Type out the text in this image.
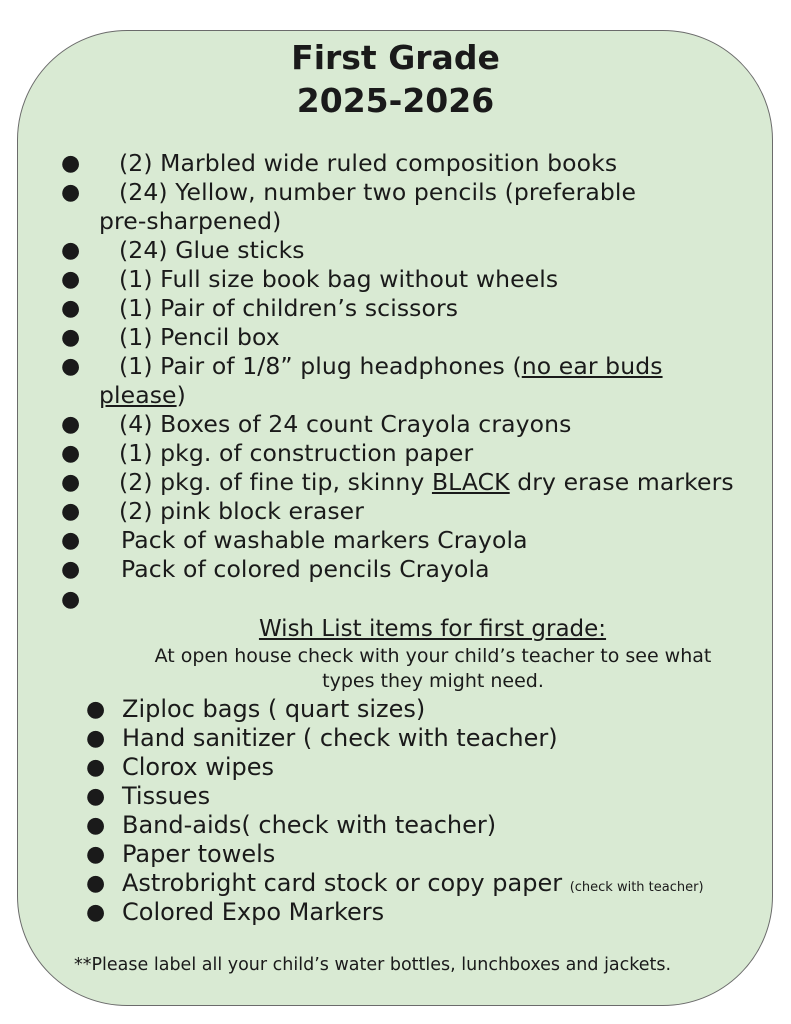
First Grade
2025-2026
● (2) Marbled wide ruled composition books
● (24) Yellow, number two pencils (preferable
pre-sharpened)
● (24) Glue sticks
● (1) Full size book bag without wheels
● (1) Pair of children’s scissors
● (1) Pencil box
● (1) Pair of 1/8” plug headphones (no ear buds
please)
● (4) Boxes of 24 count Crayola crayons
● (1) pkg. of construction paper
● (2) pkg. of fine tip, skinny BLACK dry erase markers
● (2) pink block eraser
● Pack of washable markers Crayola
● Pack of colored pencils Crayola
●
Wish List items for first grade:
At open house check with your child’s teacher to see what
types they might need.
● Ziploc bags ( quart sizes)
● Hand sanitizer ( check with teacher)
● Clorox wipes
● Tissues
● Band-aids( check with teacher)
● Paper towels
● Astrobright card stock or copy paper (check with teacher)
● Colored Expo Markers
**Please label all your child’s water bottles, lunchboxes and jackets.
